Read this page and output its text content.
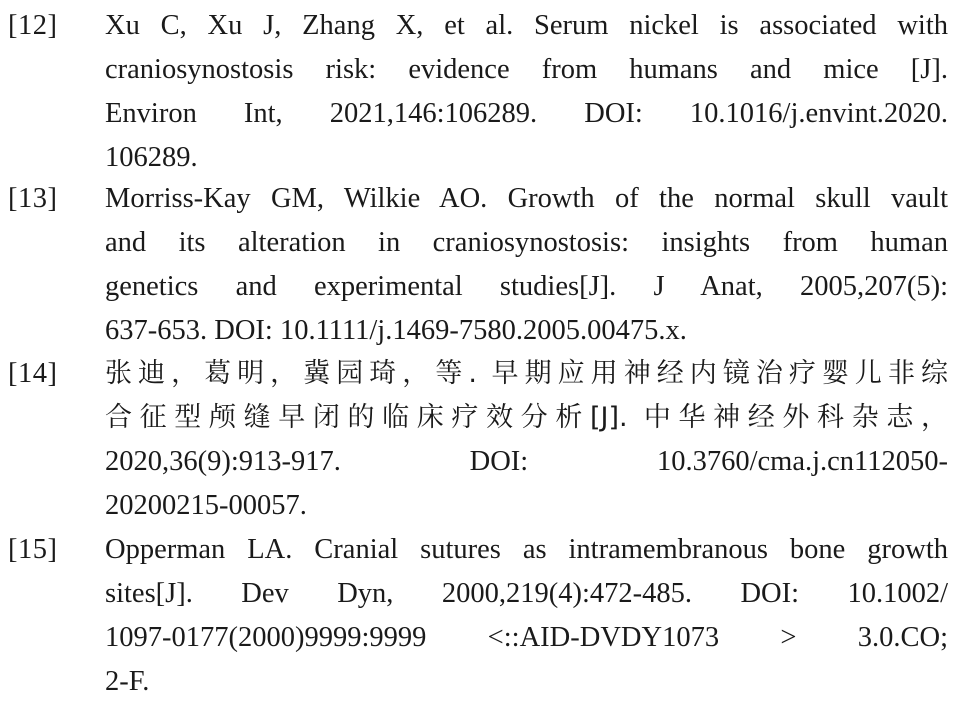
[12] Xu C, Xu J, Zhang X, et al. Serum nickel is associated with
craniosynostosis risk: evidence from humans and mice [J].
Environ Int, 2021,146:106289. DOI: 10.1016/j.envint.2020.
106289.
[13] Morriss-Kay GM, Wilkie AO. Growth of the normal skull vault
and its alteration in craniosynostosis: insights from human
genetics and experimental studies[J]. J Anat, 2005,207(5):
637-653. DOI: 10.1111/j.1469-7580.2005.00475.x.
[14] 张迪，葛明，冀园琦，等. 早期应用神经内镜治疗婴儿非综
合征型颅缝早闭的临床疗效分析[J]. 中华神经外科杂志，
2020,36(9):913-917. DOI: 10.3760/cma.j.cn112050-
20200215-00057.
[15] Opperman LA. Cranial sutures as intramembranous bone growth
sites[J]. Dev Dyn, 2000,219(4):472-485. DOI: 10.1002/
1097-0177(2000)9999:9999 <::AID-DVDY1073 > 3.0.CO;
2-F.
